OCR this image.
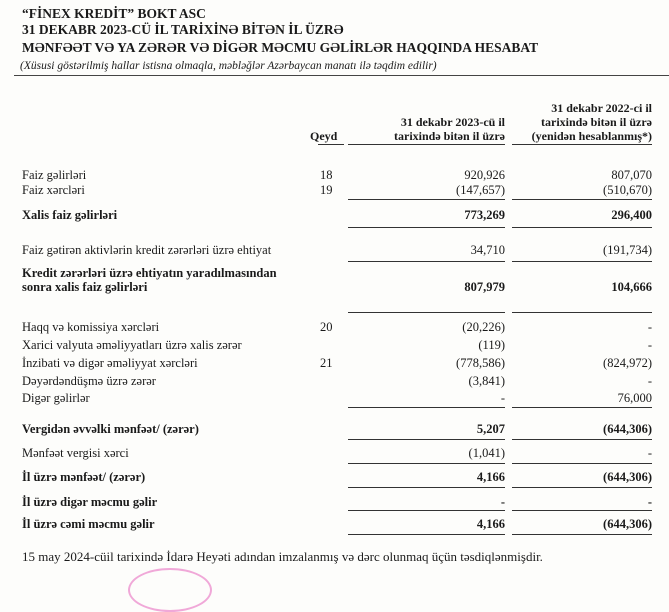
“FİNEX KREDİT” BOKT ASC
31 DEKABR 2023-CÜ İL TARİXİNƏ BİTƏN İL ÜZRƏ
MƏNFƏƏT VƏ YA ZƏRƏR VƏ DİGƏR MƏCMU GƏLİRLƏR HAQQINDA HESABAT
(Xüsusi göstərilmiş hallar istisna olmaqla, məbləğlər Azərbaycan manatı ilə təqdim edilir)
Qeyd
31 dekabr 2023-cü il
tarixində bitən il üzrə
31 dekabr 2022-ci il
tarixində bitən il üzrə
(yenidən hesablanmış*)
Faiz gəlirləri	18	920,926	807,070
Faiz xərcləri	19	(147,657)	(510,670)
Xalis faiz gəlirləri	773,269	296,400
Faiz gətirən aktivlərin kredit zərərləri üzrə ehtiyat	34,710	(191,734)
Kredit zərərləri üzrə ehtiyatın yaradılmasından
sonra xalis faiz gəlirləri	807,979	104,666
Haqq və komissiya xərcləri	20	(20,226)	-
Xarici valyuta əməliyyatları üzrə xalis zərər	(119)	-
İnzibati və digər əməliyyat xərcləri	21	(778,586)	(824,972)
Dəyərdəndüşmə üzrə zərər	(3,841)	-
Digər gəlirlər	-	76,000
Vergidən əvvəlki mənfəət/ (zərər)	5,207	(644,306)
Mənfəət vergisi xərci	(1,041)	-
İl üzrə mənfəət/ (zərər)	4,166	(644,306)
İl üzrə digər məcmu gəlir	-	-
İl üzrə cəmi məcmu gəlir	4,166	(644,306)
15 may 2024-cüil tarixində İdarə Heyəti adından imzalanmış və dərc olunmaq üçün təsdiqlənmişdir.
